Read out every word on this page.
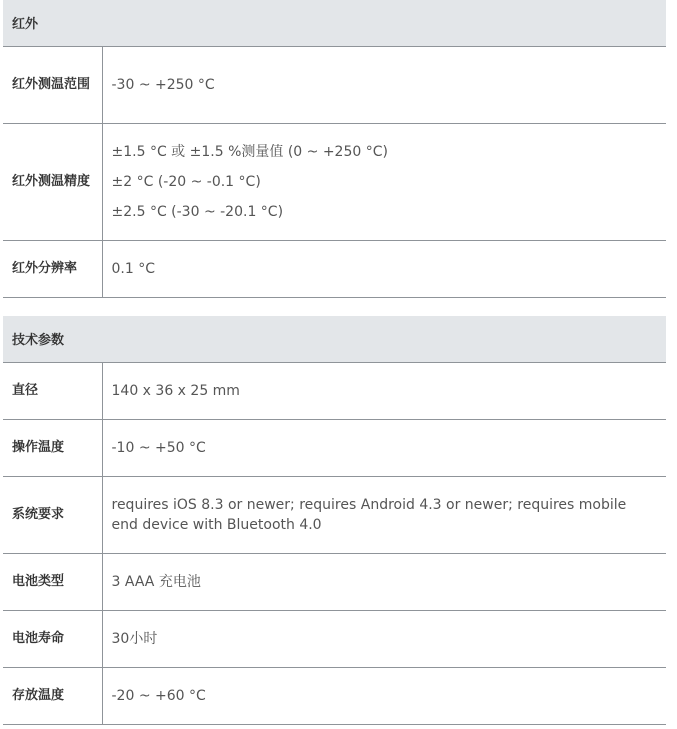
红外	
红外测温范围	-30 ~ +250 °C

红外测温精度	±1.5 °C 或 ±1.5 %测量值 (0 ~ +250 °C)
±2 °C (-20 ~ -0.1 °C)
±2.5 °C (-30 ~ -20.1 °C)

红外分辨率	0.1 °C
技术参数	
直径	140 x 36 x 25 mm

操作温度	-10 ~ +50 °C

系统要求	requires iOS 8.3 or newer; requires Android 4.3 or newer; requires mobile end device with Bluetooth 4.0

电池类型	3 AAA 充电池

电池寿命	30小时

存放温度	-20 ~ +60 °C
